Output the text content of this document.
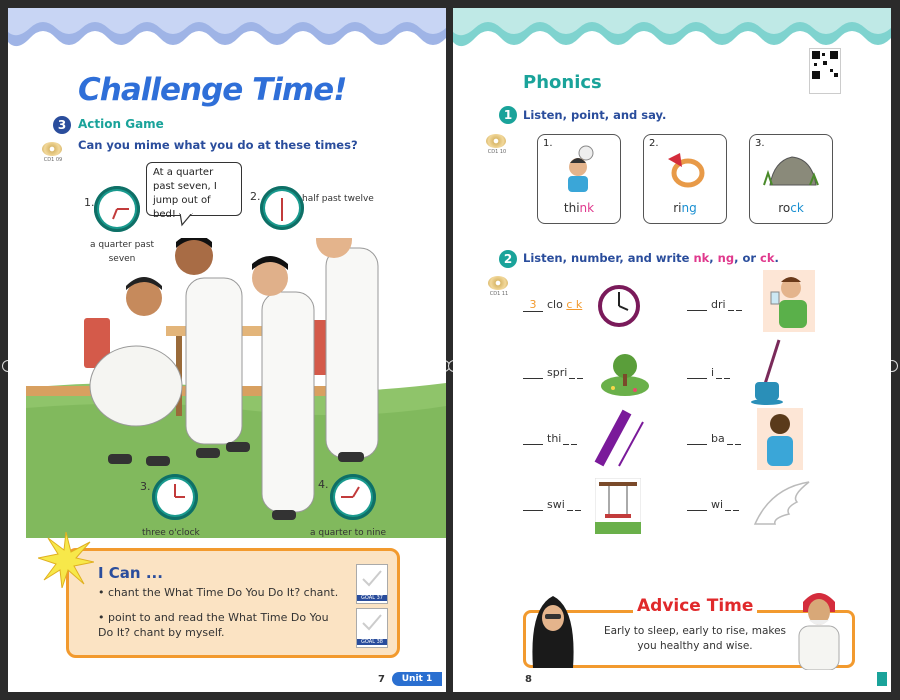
Challenge Time!
3 Action Game
Can you mime what you do at these times?
CD1 09
At a quarter past seven, I jump out of bed!
1.
a quarter past seven
2.	half past twelve
3.
three o'clock
4.
a quarter to nine
I Can ...
• chant the What Time Do You Do It? chant.
• point to and read the What Time Do You Do It? chant by myself.
GOAL 37
GOAL 38
7	Unit 1
Phonics
1 Listen, point, and say.
CD1 10
1.
think
2.
ring
3.
rock
2 Listen, number, and write nk, ng, or ck.
CD1 11
3 clo c k
spri
thi
swi
dri
i
ba
wi
Advice Time
Early to sleep, early to rise, makes you healthy and wise.
8
